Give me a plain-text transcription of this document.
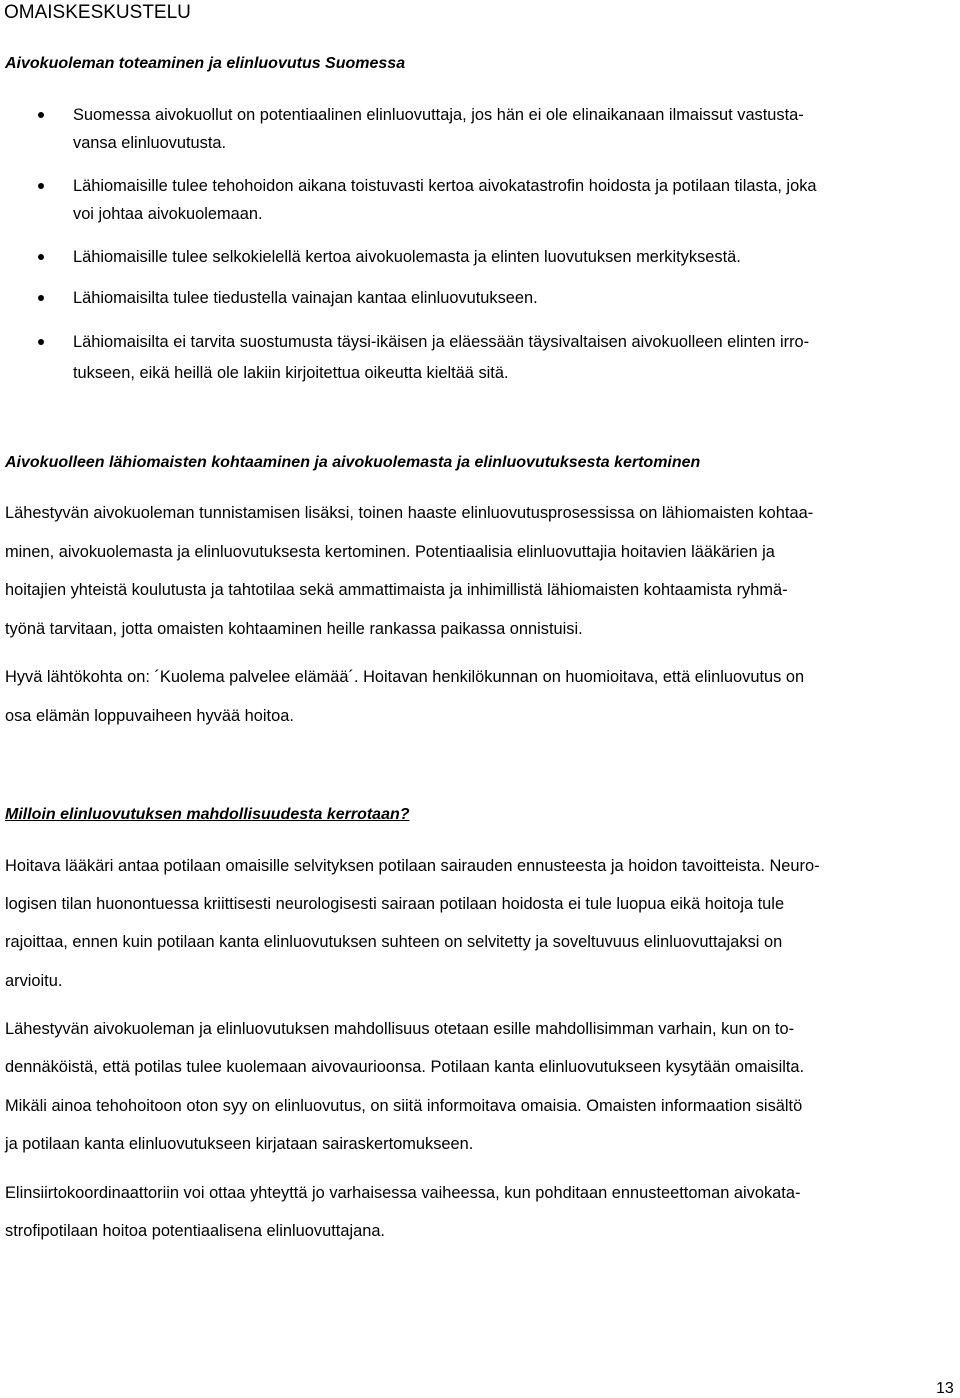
OMAISKESKUSTELU
Aivokuoleman toteaminen ja elinluovutus Suomessa
Suomessa aivokuollut on potentiaalinen elinluovuttaja, jos hän ei ole elinaikanaan ilmaissut vastusta-
vansa elinluovutusta.
Lähiomaisille tulee tehohoidon aikana toistuvasti kertoa aivokatastrofin hoidosta ja potilaan tilasta, joka
voi johtaa aivokuolemaan.
Lähiomaisille tulee selkokielellä kertoa aivokuolemasta ja elinten luovutuksen merkityksestä.
Lähiomaisilta tulee tiedustella vainajan kantaa elinluovutukseen.
Lähiomaisilta ei tarvita suostumusta täysi-ikäisen ja eläessään täysivaltaisen aivokuolleen elinten irro-
tukseen, eikä heillä ole lakiin kirjoitettua oikeutta kieltää sitä.
Aivokuolleen lähiomaisten kohtaaminen ja aivokuolemasta ja elinluovutuksesta kertominen
Lähestyvän aivokuoleman tunnistamisen lisäksi, toinen haaste elinluovutusprosessissa on lähiomaisten kohtaa-
minen, aivokuolemasta ja elinluovutuksesta kertominen. Potentiaalisia elinluovuttajia hoitavien lääkärien ja
hoitajien yhteistä koulutusta ja tahtotilaa sekä ammattimaista ja inhimillistä lähiomaisten kohtaamista ryhmä-
työnä tarvitaan, jotta omaisten kohtaaminen heille rankassa paikassa onnistuisi.
Hyvä lähtökohta on: ´Kuolema palvelee elämää´. Hoitavan henkilökunnan on huomioitava, että elinluovutus on
osa elämän loppuvaiheen hyvää hoitoa.
Milloin elinluovutuksen mahdollisuudesta kerrotaan?
Hoitava lääkäri antaa potilaan omaisille selvityksen potilaan sairauden ennusteesta ja hoidon tavoitteista. Neuro-
logisen tilan huonontuessa kriittisesti neurologisesti sairaan potilaan hoidosta ei tule luopua eikä hoitoja tule
rajoittaa, ennen kuin potilaan kanta elinluovutuksen suhteen on selvitetty ja soveltuvuus elinluovuttajaksi on
arvioitu.
Lähestyvän aivokuoleman ja elinluovutuksen mahdollisuus otetaan esille mahdollisimman varhain, kun on to-
dennäköistä, että potilas tulee kuolemaan aivovaurioonsa. Potilaan kanta elinluovutukseen kysytään omaisilta.
Mikäli ainoa tehohoitoon oton syy on elinluovutus, on siitä informoitava omaisia. Omaisten informaation sisältö
ja potilaan kanta elinluovutukseen kirjataan sairaskertomukseen.
Elinsiirtokoordinaattoriin voi ottaa yhteyttä jo varhaisessa vaiheessa, kun pohditaan ennusteettoman aivokata-
strofipotilaan hoitoa potentiaalisena elinluovuttajana.
13
